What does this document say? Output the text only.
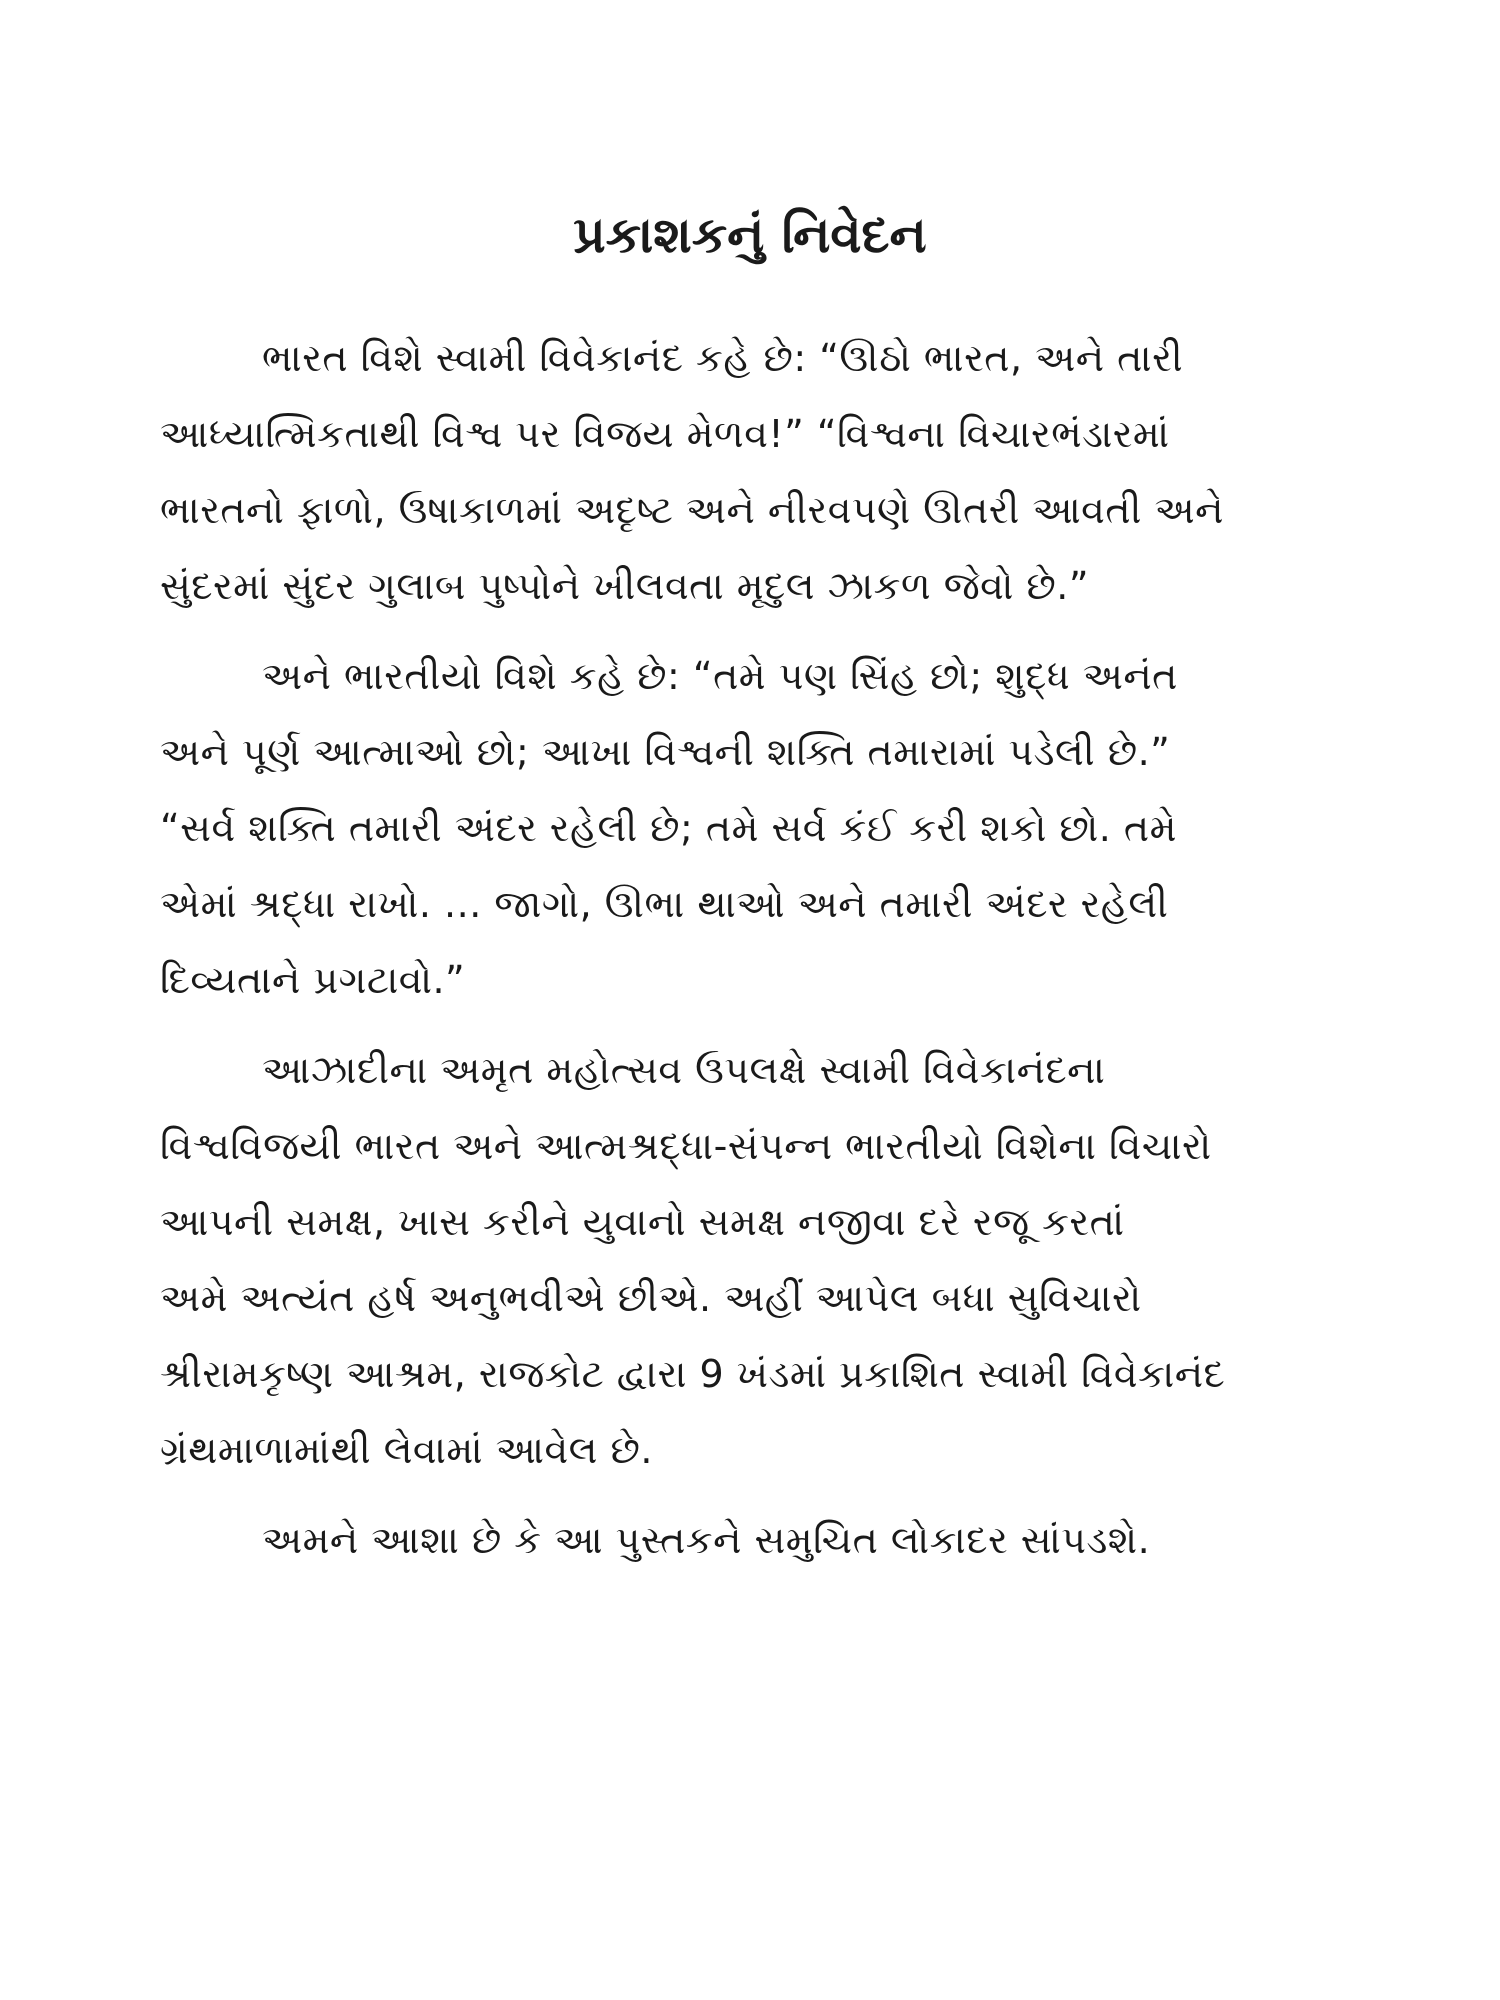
પ્રકાશકનું નિવેદન

ભારત વિશે સ્વામી વિવેકાનંદ કહે છે: “ઊઠો ભારત, અને તારી
આધ્યાત્મિકતાથી વિશ્વ પર વિજય મેળવ!” “વિશ્વના વિચારભંડારમાં
ભારતનો ફાળો, ઉષાકાળમાં અદૃષ્ટ અને નીરવપણે ઊતરી આવતી અને
સુંદરમાં સુંદર ગુલાબ પુષ્પોને ખીલવતા મૃદુલ ઝાકળ જેવો છે.”

અને ભારતીયો વિશે કહે છે: “તમે પણ સિંહ છો; શુદ્ધ અનંત
અને પૂર્ણ આત્માઓ છો; આખા વિશ્વની શક્તિ તમારામાં પડેલી છે.”
“સર્વ શક્તિ તમારી અંદર રહેલી છે; તમે સર્વ કંઈ કરી શકો છો. તમે
એમાં શ્રદ્ધા રાખો. ... જાગો, ઊભા થાઓ અને તમારી અંદર રહેલી
દિવ્યતાને પ્રગટાવો.”

આઝાદીના અમૃત મહોત્સવ ઉપલક્ષે સ્વામી વિવેકાનંદના
વિશ્વવિજયી ભારત અને આત્મશ્રદ્ધા-સંપન્ન ભારતીયો વિશેના વિચારો
આપની સમક્ષ, ખાસ કરીને યુવાનો સમક્ષ નજીવા દરે રજૂ કરતાં
અમે અત્યંત હર્ષ અનુભવીએ છીએ. અહીં આપેલ બધા સુવિચારો
શ્રીરામકૃષ્ણ આશ્રમ, રાજકોટ દ્વારા 9 ખંડમાં પ્રકાશિત સ્વામી વિવેકાનંદ
ગ્રંથમાળામાંથી લેવામાં આવેલ છે.

અમને આશા છે કે આ પુસ્તકને સમુચિત લોકાદર સાંપડશે.
